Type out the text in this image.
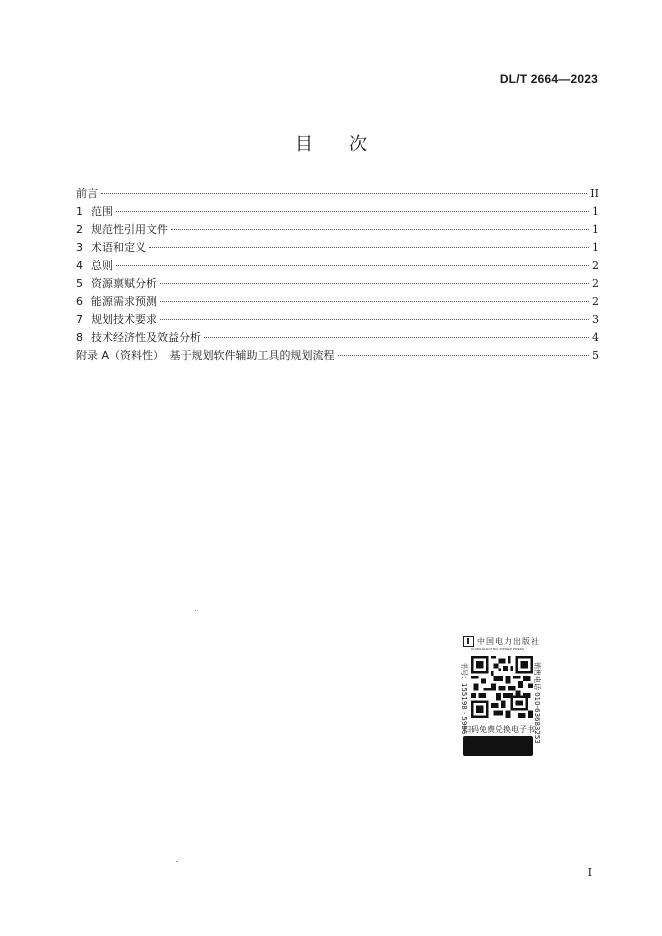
DL/T 2664—2023
目　　次
前言	II
1 范围	1
2 规范性引用文件	1
3 术语和定义	1
4 总则	2
5 资源禀赋分析	2
6 能源需求预测	2
7 规划技术要求	3
8 技术经济性及效益分析	4
附录 A（资料性）　基于规划软件辅助工具的规划流程	5
中国电力出版社
CHINA ELECTRIC POWER PRESS
书号：155198 · 5986	销售电话 010-63683253
扫码免费兑换电子书
I
